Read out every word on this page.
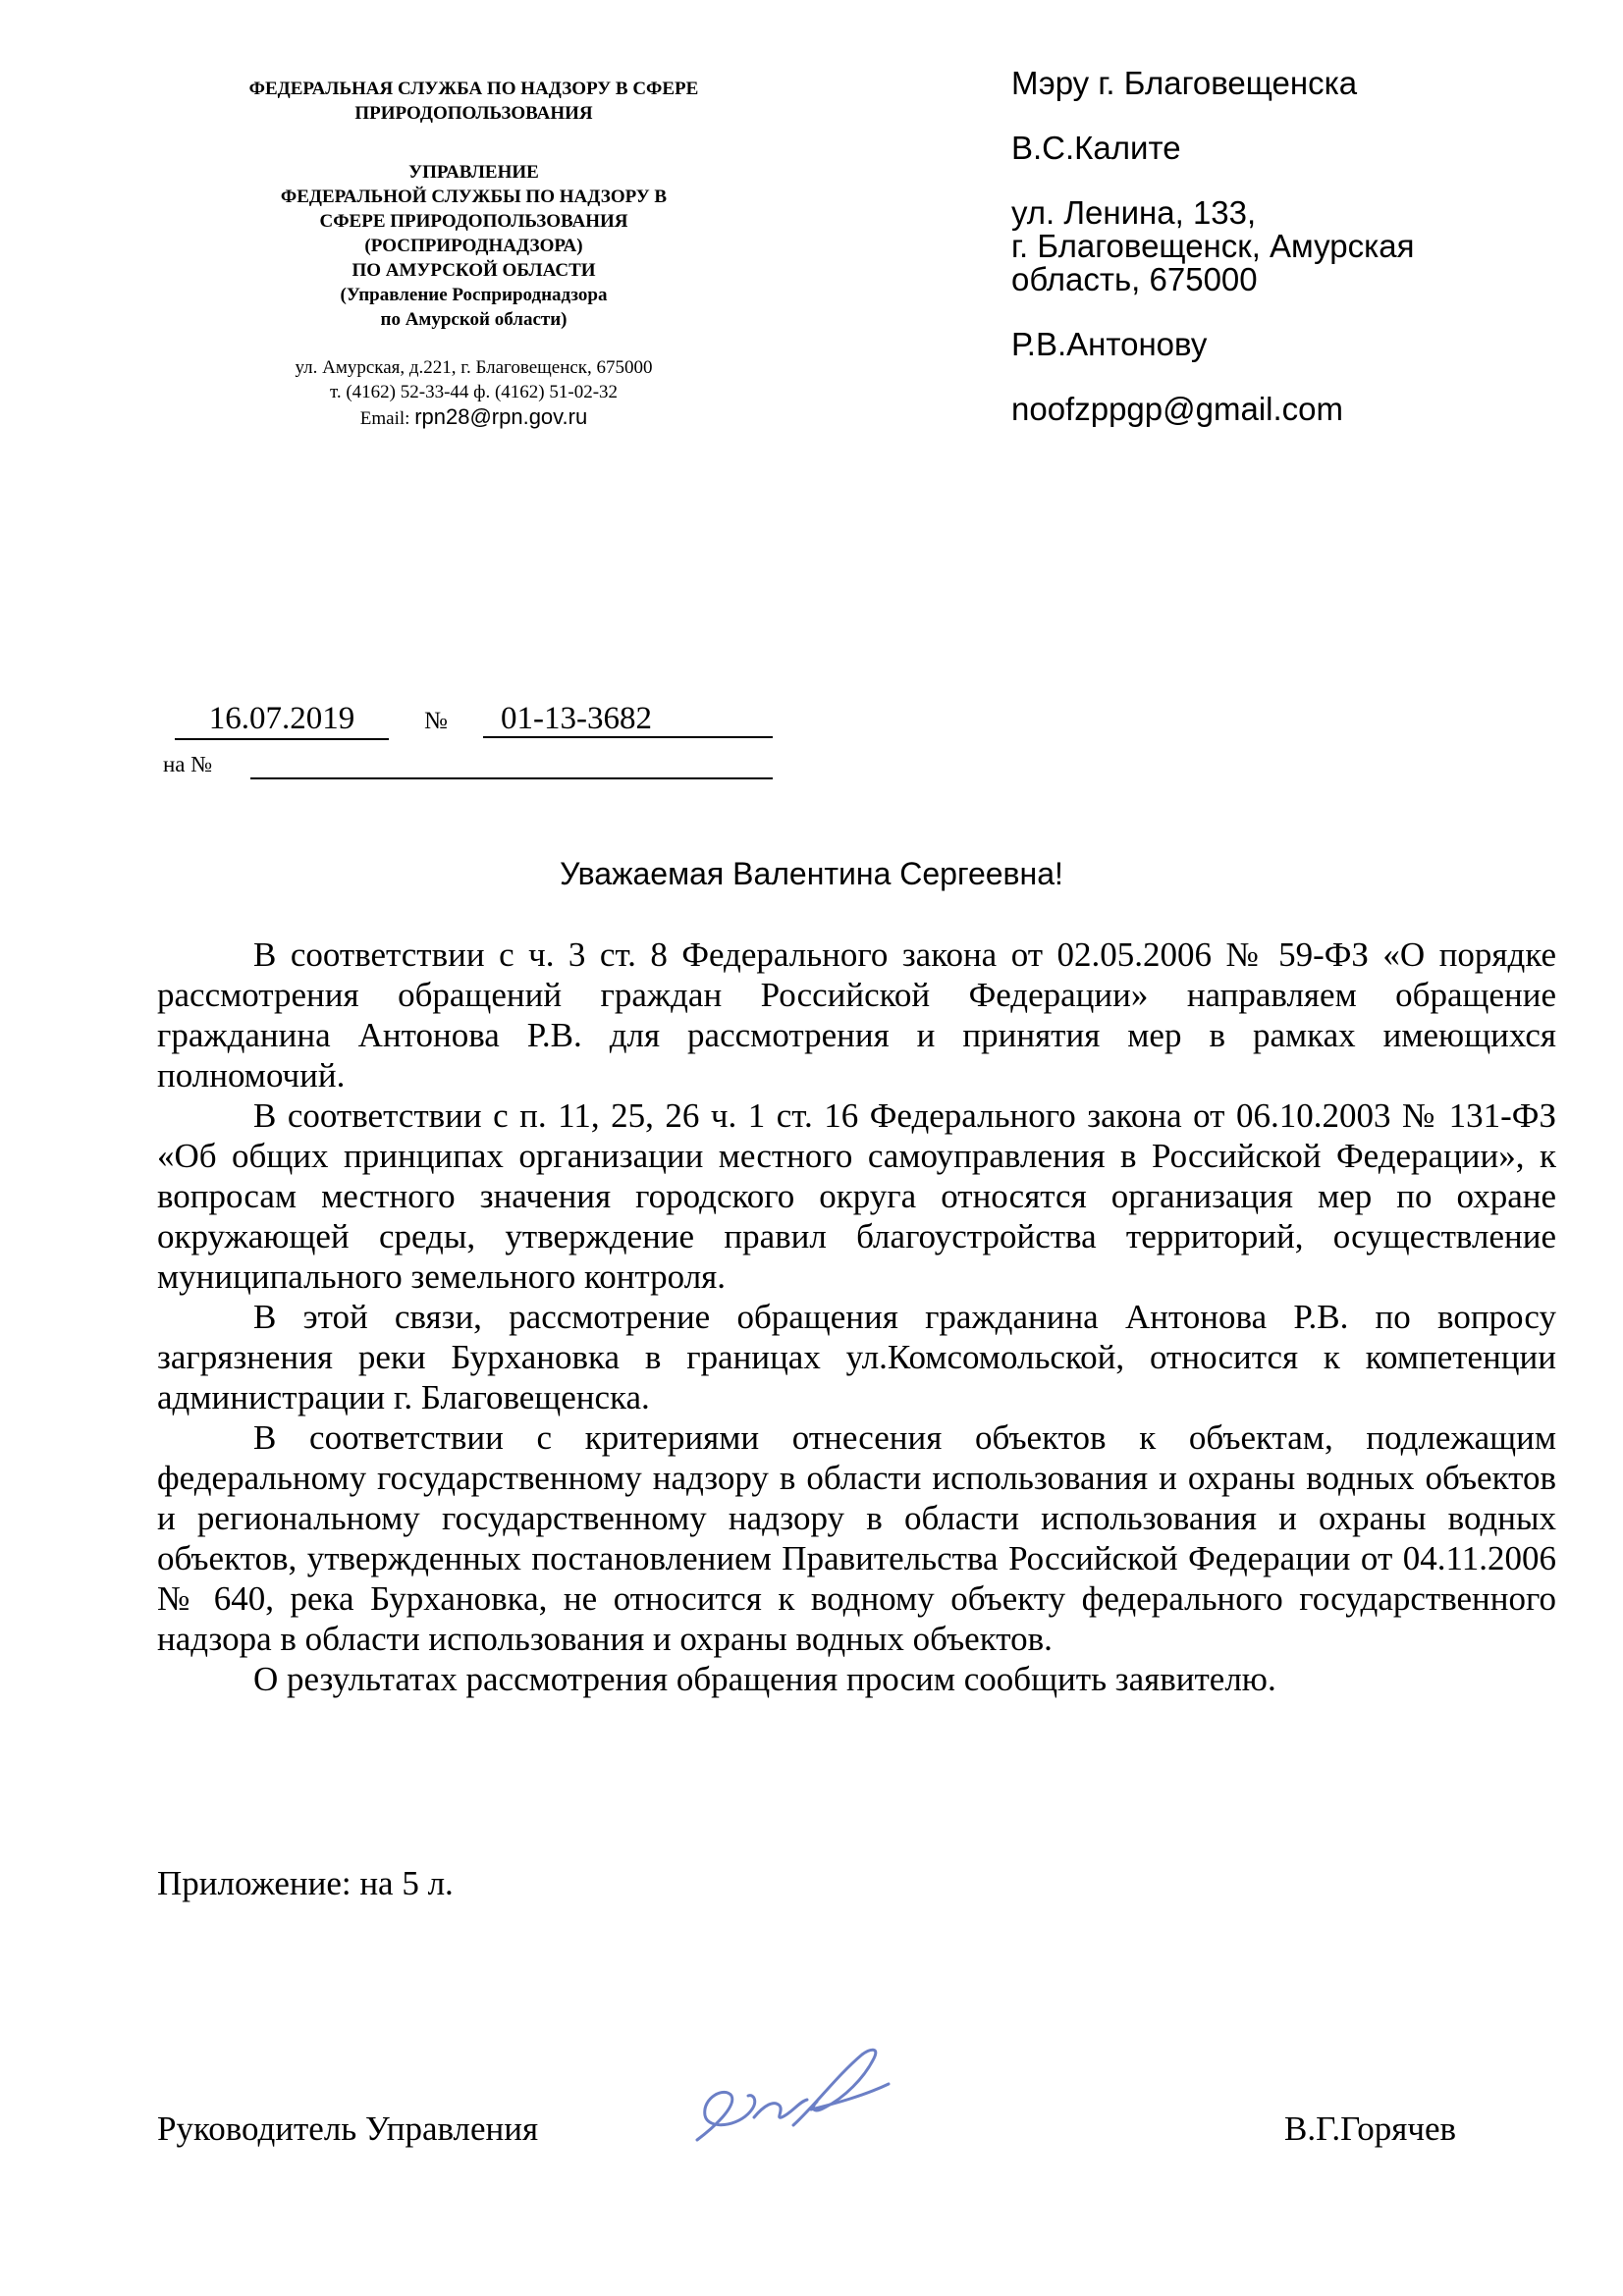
ФЕДЕРАЛЬНАЯ СЛУЖБА ПО НАДЗОРУ В СФЕРЕ
ПРИРОДОПОЛЬЗОВАНИЯ
УПРАВЛЕНИЕ
ФЕДЕРАЛЬНОЙ СЛУЖБЫ ПО НАДЗОРУ В
СФЕРЕ ПРИРОДОПОЛЬЗОВАНИЯ
(РОСПРИРОДНАДЗОРА)
ПО АМУРСКОЙ ОБЛАСТИ
(Управление Росприроднадзора
по Амурской области)
ул. Амурская, д.221, г. Благовещенск, 675000
т. (4162) 52-33-44 ф. (4162) 51-02-32
Email: rpn28@rpn.gov.ru
Мэру г. Благовещенска
В.С.Калите
ул. Ленина, 133,
г. Благовещенск, Амурская
область, 675000
Р.В.Антонову
noofzppgp@gmail.com
16.07.2019	№	01-13-3682
на №
Уважаемая Валентина Сергеевна!

В соответствии с ч. 3 ст. 8 Федерального закона от 02.05.2006 № 59-ФЗ «О порядке рассмотрения обращений граждан Российской Федерации» направляем обращение гражданина Антонова Р.В. для рассмотрения и принятия мер в рамках имеющихся полномочий.

В соответствии с п. 11, 25, 26 ч. 1 ст. 16 Федерального закона от 06.10.2003 № 131-ФЗ «Об общих принципах организации местного самоуправления в Российской Федерации», к вопросам местного значения городского округа относятся организация мер по охране окружающей среды, утверждение правил благоустройства территорий, осуществление муниципального земельного контроля.

В этой связи, рассмотрение обращения гражданина Антонова Р.В. по вопросу загрязнения реки Бурхановка в границах ул.Комсомольской, относится к компетенции администрации г. Благовещенска.

В соответствии с критериями отнесения объектов к объектам, подлежащим федеральному государственному надзору в области использования и охраны водных объектов и региональному государственному надзору в области использования и охраны водных объектов, утвержденных постановлением Правительства Российской Федерации от 04.11.2006 № 640, река Бурхановка, не относится к водному объекту федерального государственного надзора в области использования и охраны водных объектов.

О результатах рассмотрения обращения просим сообщить заявителю.

Приложение: на 5 л.
Руководитель Управления	В.Г.Горячев
